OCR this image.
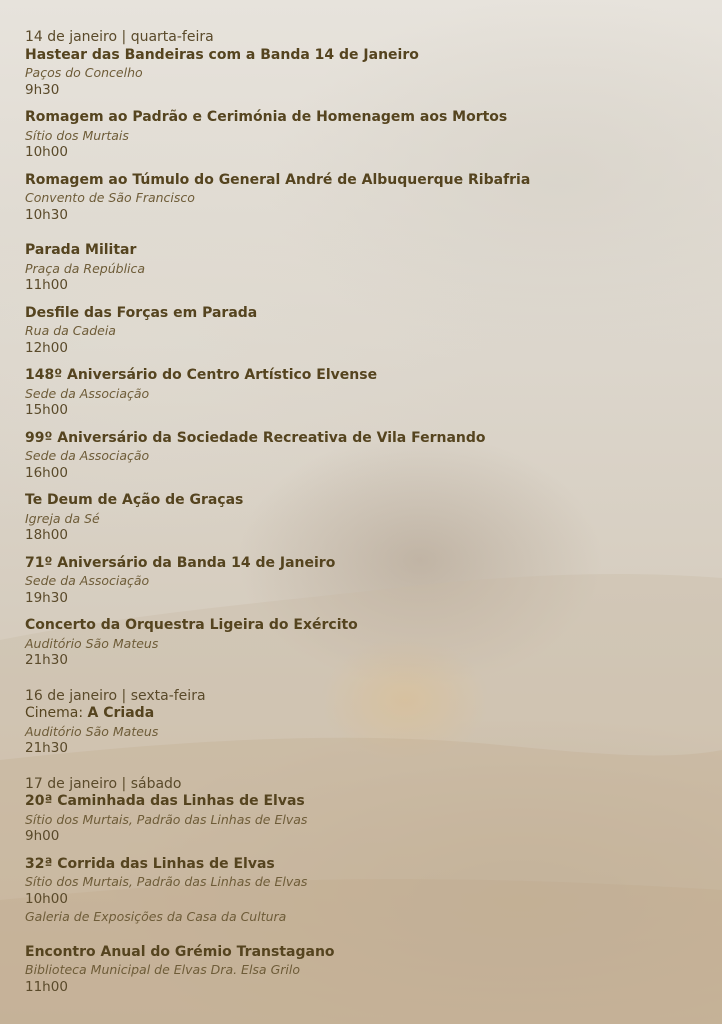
14 de janeiro | quarta-feira
Hastear das Bandeiras com a Banda 14 de Janeiro
Paços do Concelho
9h30
Romagem ao Padrão e Cerimónia de Homenagem aos Mortos
Sítio dos Murtais
10h00
Romagem ao Túmulo do General André de Albuquerque Ribafria
Convento de São Francisco
10h30
Parada Militar
Praça da República
11h00
Desfile das Forças em Parada
Rua da Cadeia
12h00
148º Aniversário do Centro Artístico Elvense
Sede da Associação
15h00
99º Aniversário da Sociedade Recreativa de Vila Fernando
Sede da Associação
16h00
Te Deum de Ação de Graças
Igreja da Sé
18h00
71º Aniversário da Banda 14 de Janeiro
Sede da Associação
19h30
Concerto da Orquestra Ligeira do Exército
Auditório São Mateus
21h30
16 de janeiro | sexta-feira
Cinema: A Criada
Auditório São Mateus
21h30
17 de janeiro | sábado
20ª Caminhada das Linhas de Elvas
Sítio dos Murtais, Padrão das Linhas de Elvas
9h00
32ª Corrida das Linhas de Elvas
Sítio dos Murtais, Padrão das Linhas de Elvas
10h00
Galeria de Exposições da Casa da Cultura
Encontro Anual do Grémio Transtagano
Biblioteca Municipal de Elvas Dra. Elsa Grilo
11h00
